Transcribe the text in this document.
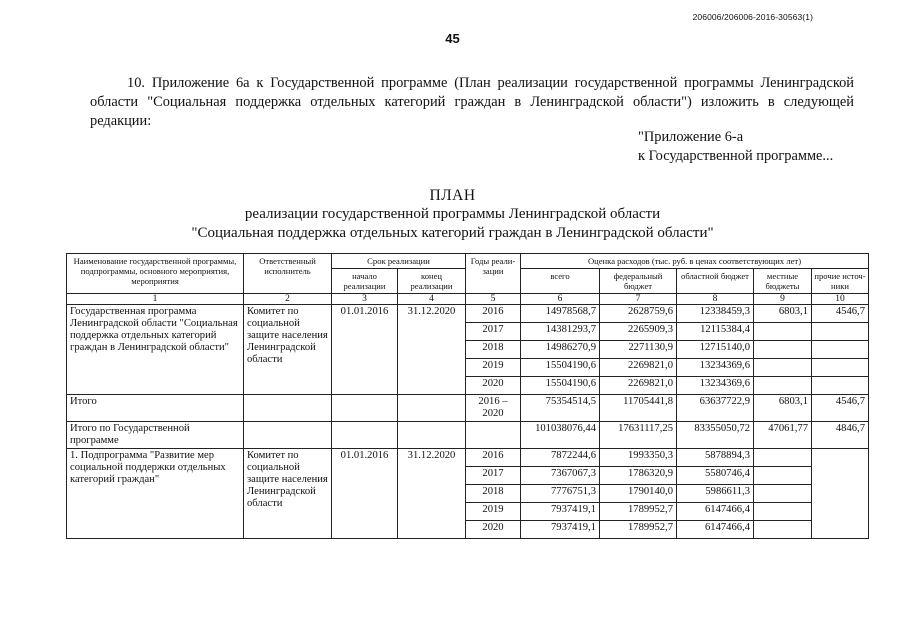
206006/206006-2016-30563(1)
45
10. Приложение 6а к Государственной программе (План реализации государственной программы Ленинградской области "Социальная поддержка отдельных категорий граждан в Ленинградской области") изложить в следующей редакции:
"Приложение 6-а
к Государственной программе...
ПЛАН
реализации государственной программы Ленинградской области
"Социальная поддержка отдельных категорий граждан в Ленинградской области"
Наименование государственной программы, подпрограммы, основного мероприятия, мероприятия	Ответственный исполнитель	Срок реализации		Годы реали-зации	Оценка расходов (тыс. руб. в ценах соответствующих лет)				
		начало реализации	конец реализации		всего	федеральный бюджет	областной бюджет	местные бюджеты	прочие источ-ники
1	2	3	4	5	6	7	8	9	10
Государственная программа Ленинградской области "Социальная поддержка отдельных категорий граждан в Ленинградской области"	Комитет по социальной защите населения Ленинградской области	01.01.2016	31.12.2020	2016	14978568,7	2628759,6	12338459,3	6803,1	4546,7
				2017	14381293,7	2265909,3	12115384,4		
				2018	14986270,9	2271130,9	12715140,0		
				2019	15504190,6	2269821,0	13234369,6		
				2020	15504190,6	2269821,0	13234369,6		
Итого				2016 – 2020	75354514,5	11705441,8	63637722,9	6803,1	4546,7
Итого по Государственной программе					101038076,44	17631117,25	83355050,72	47061,77	4846,7
1. Подпрограмма "Развитие мер социальной поддержки отдельных категорий граждан"	Комитет по социальной защите населения Ленинградской области	01.01.2016	31.12.2020	2016	7872244,6	1993350,3	5878894,3		
				2017	7367067,3	1786320,9	5580746,4		
				2018	7776751,3	1790140,0	5986611,3		
				2019	7937419,1	1789952,7	6147466,4		
				2020	7937419,1	1789952,7	6147466,4		
